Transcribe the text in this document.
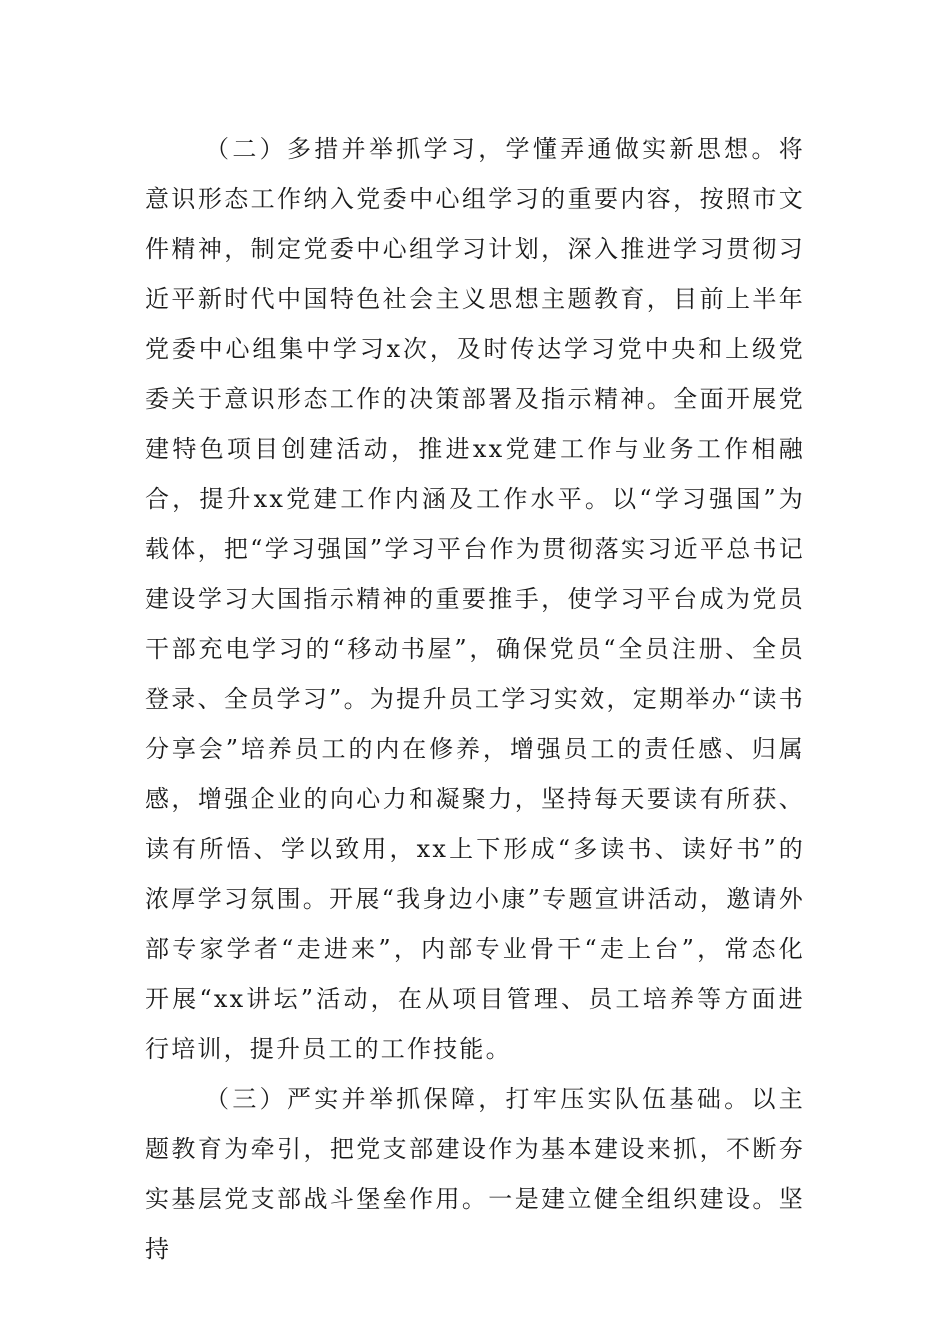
（二）多措并举抓学习，学懂弄通做实新思想。将意识形态工作纳入党委中心组学习的重要内容，按照市文件精神，制定党委中心组学习计划，深入推进学习贯彻习近平新时代中国特色社会主义思想主题教育，目前上半年党委中心组集中学习x次，及时传达学习党中央和上级党委关于意识形态工作的决策部署及指示精神。全面开展党建特色项目创建活动，推进xx党建工作与业务工作相融合，提升xx党建工作内涵及工作水平。以“学习强国”为载体，把“学习强国”学习平台作为贯彻落实习近平总书记建设学习大国指示精神的重要推手，使学习平台成为党员干部充电学习的“移动书屋”，确保党员“全员注册、全员登录、全员学习”。为提升员工学习实效，定期举办“读书分享会”培养员工的内在修养，增强员工的责任感、归属感，增强企业的向心力和凝聚力，坚持每天要读有所获、读有所悟、学以致用，xx上下形成“多读书、读好书”的浓厚学习氛围。开展“我身边小康”专题宣讲活动，邀请外部专家学者“走进来”，内部专业骨干“走上台”，常态化开展“xx讲坛”活动，在从项目管理、员工培养等方面进行培训，提升员工的工作技能。

（三）严实并举抓保障，打牢压实队伍基础。以主题教育为牵引，把党支部建设作为基本建设来抓，不断夯实基层党支部战斗堡垒作用。一是建立健全组织建设。坚持
